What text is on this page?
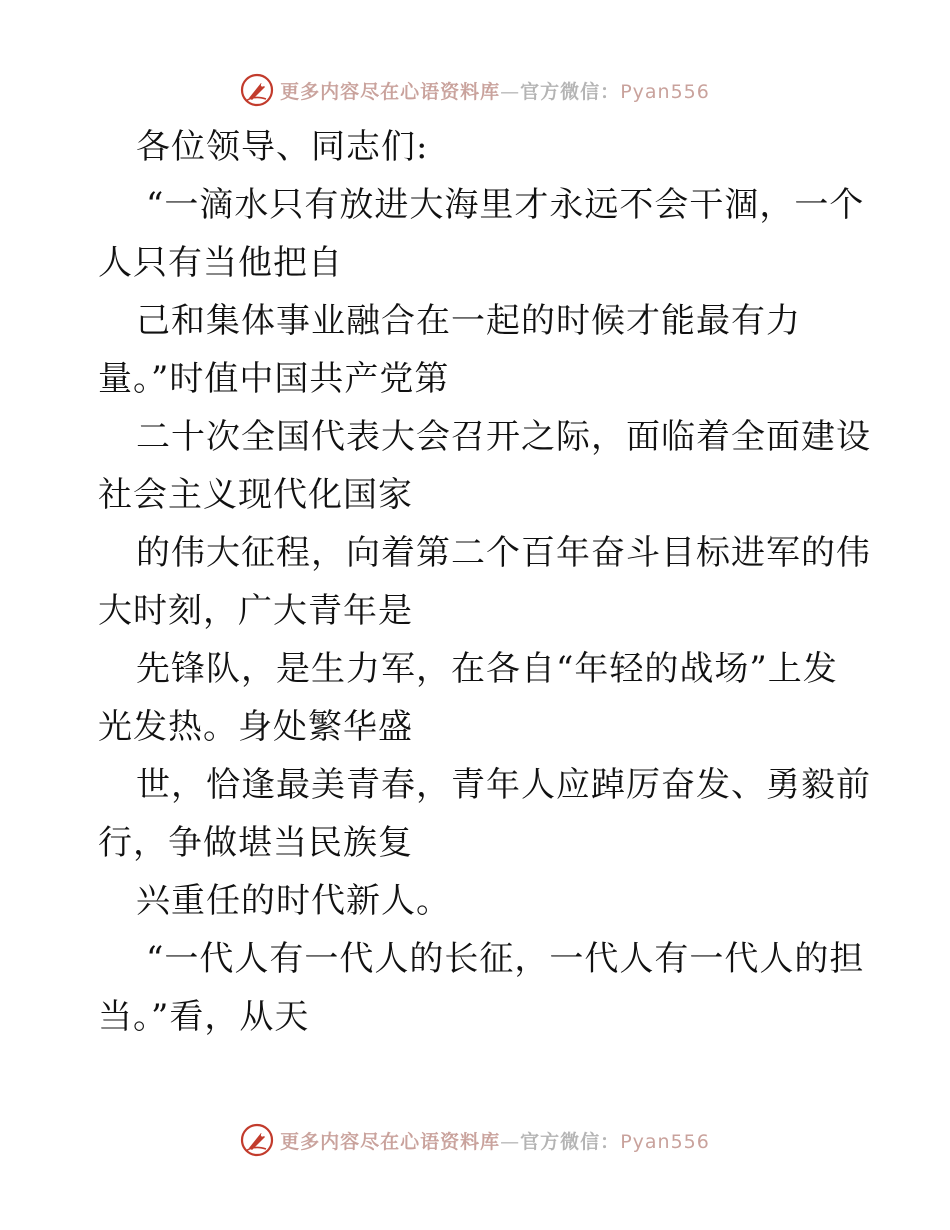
更多内容尽在心语资料库—官方微信：Pyan556
各位领导、同志们:
“一滴水只有放进大海里才永远不会干涸，一个
人只有当他把自
己和集体事业融合在一起的时候才能最有力
量。”时值中国共产党第
二十次全国代表大会召开之际，面临着全面建设
社会主义现代化国家
的伟大征程，向着第二个百年奋斗目标进军的伟
大时刻，广大青年是
先锋队，是生力军，在各自“年轻的战场”上发
光发热。身处繁华盛
世，恰逢最美青春，青年人应踔厉奋发、勇毅前
行，争做堪当民族复
兴重任的时代新人。
“一代人有一代人的长征，一代人有一代人的担
当。”看，从天
更多内容尽在心语资料库—官方微信：Pyan556
